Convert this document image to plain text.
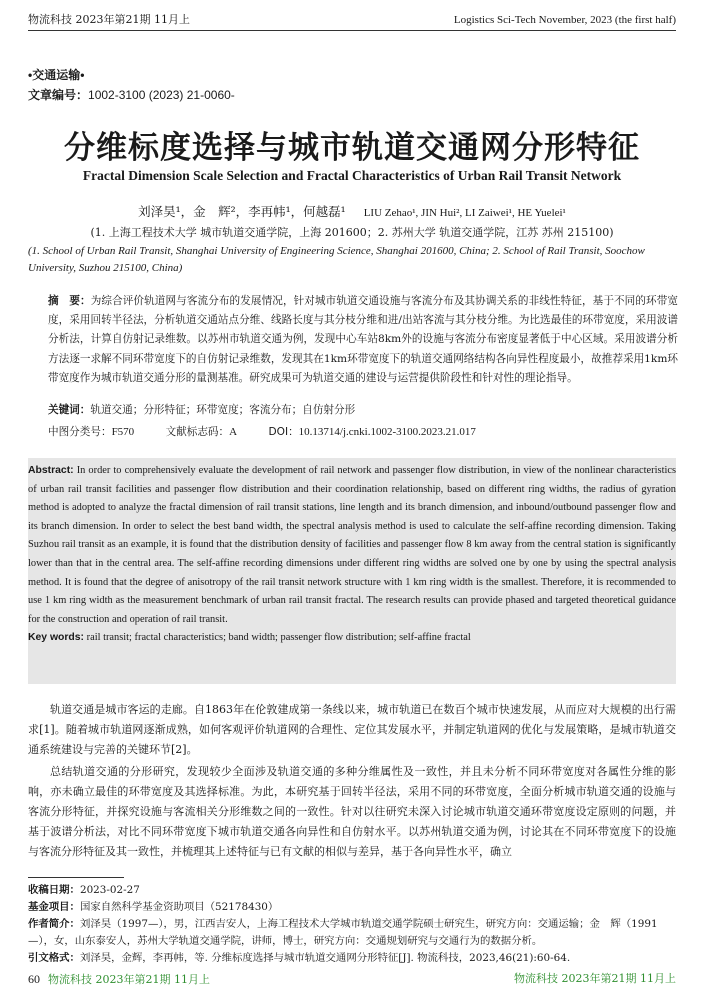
物流科技 2023年第21期 11月上	Logistics Sci-Tech November, 2023 (the first half)
•交通运输•
文章编号：1002-3100 (2023) 21-0060-
分维标度选择与城市轨道交通网分形特征
Fractal Dimension Scale Selection and Fractal Characteristics of Urban Rail Transit Network
刘泽昊¹，金　辉²，李再帏¹，何越磊¹ LIU Zehao¹, JIN Hui², LI Zaiwei¹, HE Yuelei¹
(1. 上海工程技术大学 城市轨道交通学院，上海 201600；2. 苏州大学 轨道交通学院，江苏 苏州 215100)
(1. School of Urban Rail Transit, Shanghai University of Engineering Science, Shanghai 201600, China; 2. School of Rail Transit, Soochow University, Suzhou 215100, China)
摘　要：为综合评价轨道网与客流分布的发展情况，针对城市轨道交通设施与客流分布及其协调关系的非线性特征，基于不同的环带宽度，采用回转半径法，分析轨道交通站点分维、线路长度与其分枝分维和进/出站客流与其分枝分维。为比选最佳的环带宽度，采用波谱分析法，计算自仿射记录维数。以苏州市轨道交通为例，发现中心车站8km外的设施与客流分布密度显著低于中心区域。采用波谱分析方法逐一求解不同环带宽度下的自仿射记录维数，发现其在1km环带宽度下的轨道交通网络结构各向异性程度最小，故推荐采用1km环带宽度作为城市轨道交通分形的量测基准。研究成果可为轨道交通的建设与运营提供阶段性和针对性的理论指导。
关键词：轨道交通；分形特征；环带宽度；客流分布；自仿射分形
中图分类号：F570	文献标志码：A	DOI：10.13714/j.cnki.1002-3100.2023.21.017

Abstract: In order to comprehensively evaluate the development of rail network and passenger flow distribution, in view of the nonlinear characteristics of urban rail transit facilities and passenger flow distribution and their coordination relationship, based on different ring widths, the radius of gyration method is adopted to analyze the fractal dimension of rail transit stations, line length and its branch dimension, and inbound/outbound passenger flow and its branch dimension. In order to select the best band width, the spectral analysis method is used to calculate the self-affine recording dimension. Taking Suzhou rail transit as an example, it is found that the distribution density of facilities and passenger flow 8 km away from the central station is significantly lower than that in the central area. The self-affine recording dimensions under different ring widths are solved one by one by using the spectral analysis method. It is found that the degree of anisotropy of the rail transit network structure with 1 km ring width is the smallest. Therefore, it is recommended to use 1 km ring width as the measurement benchmark of urban rail transit fractal. The research results can provide phased and targeted theoretical guidance for the construction and operation of rail transit.

Key words: rail transit; fractal characteristics; band width; passenger flow distribution; self-affine fractal

轨道交通是城市客运的走廊。自1863年在伦敦建成第一条线以来，城市轨道已在数百个城市快速发展，从而应对大规模的出行需求[1]。随着城市轨道网逐渐成熟，如何客观评价轨道网的合理性、定位其发展水平，并制定轨道网的优化与发展策略，是城市轨道交通系统建设与完善的关键环节[2]。

总结轨道交通的分形研究，发现较少全面涉及轨道交通的多种分维属性及一致性，并且未分析不同环带宽度对各属性分维的影响，亦未确立最佳的环带宽度及其选择标准。为此，本研究基于回转半径法，采用不同的环带宽度，全面分析城市轨道交通的设施与客流分形特征，并探究设施与客流相关分形维数之间的一致性。针对以往研究未深入讨论城市轨道交通环带宽度设定原则的问题，并基于波谱分析法，对比不同环带宽度下城市轨道交通各向异性和自仿射水平。以苏州轨道交通为例，讨论其在不同环带宽度下的设施与客流分形特征及其一致性，并梳理其上述特征与已有文献的相似与差异，基于各向异性水平，确立

收稿日期：2023-02-27

基金项目：国家自然科学基金资助项目（52178430）

作者简介：刘泽昊（1997—），男，江西吉安人，上海工程技术大学城市轨道交通学院硕士研究生，研究方向：交通运输；金　辉（1991—），女，山东泰安人，苏州大学轨道交通学院，讲师，博士，研究方向：交通规划研究与交通行为的数据分析。

引文格式：刘泽昊，金辉，李再帏，等. 分维标度选择与城市轨道交通网分形特征[J]. 物流科技，2023,46(21):60-64.

60 物流科技 2023年第21期 11月上	物流科技 2023年第21期 11月上
